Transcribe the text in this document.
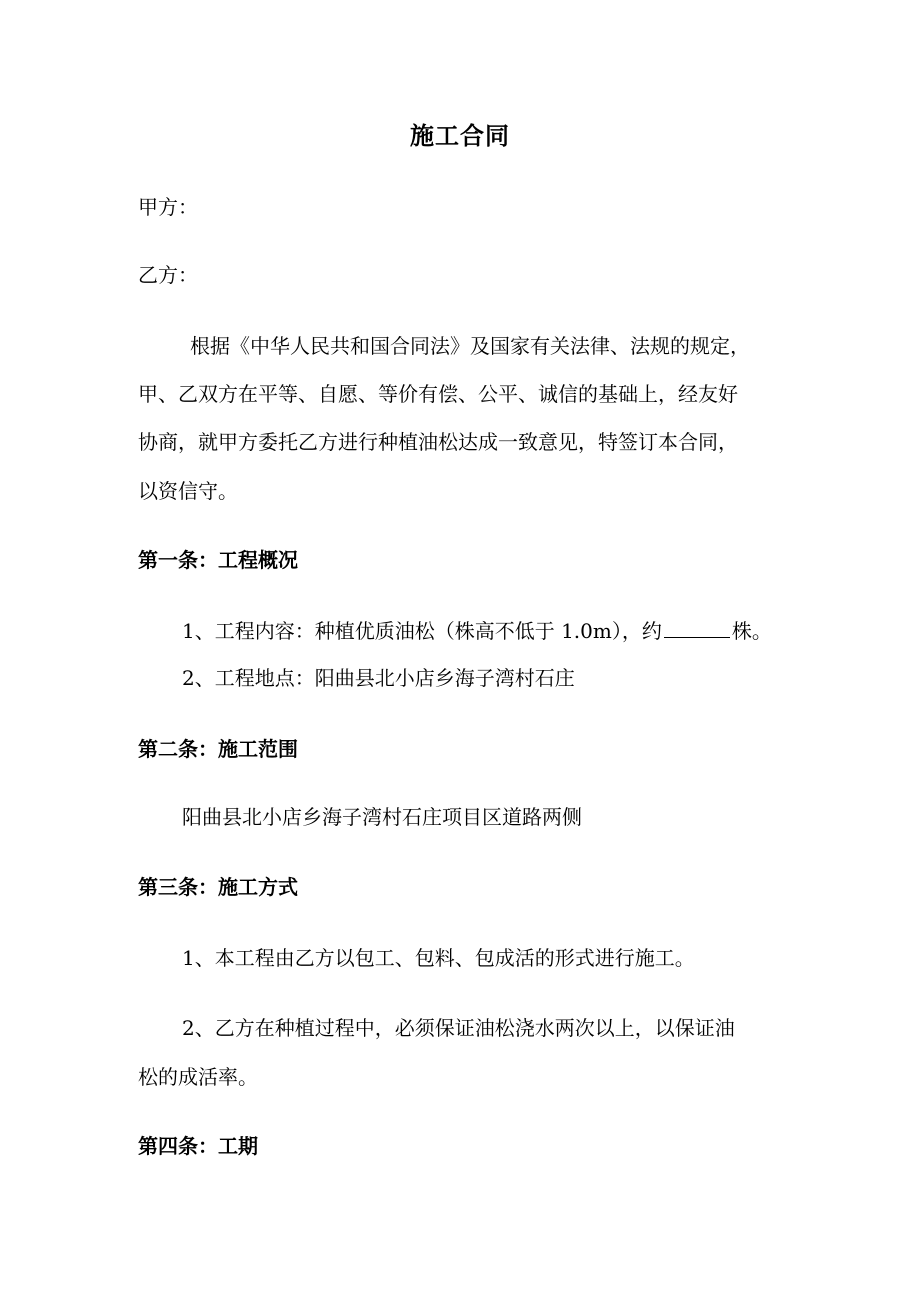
施工合同
甲方：
乙方：
根据《中华人民共和国合同法》及国家有关法律、法规的规定，
甲、乙双方在平等、自愿、等价有偿、公平、诚信的基础上，经友好
协商，就甲方委托乙方进行种植油松达成一致意见，特签订本合同，
以资信守。
第一条：工程概况
1、工程内容：种植优质油松（株高不低于 1.0m），约	株。
2、工程地点：阳曲县北小店乡海子湾村石庄
第二条：施工范围
阳曲县北小店乡海子湾村石庄项目区道路两侧
第三条：施工方式
1、本工程由乙方以包工、包料、包成活的形式进行施工。
2、乙方在种植过程中，必须保证油松浇水两次以上，以保证油
松的成活率。
第四条：工期
